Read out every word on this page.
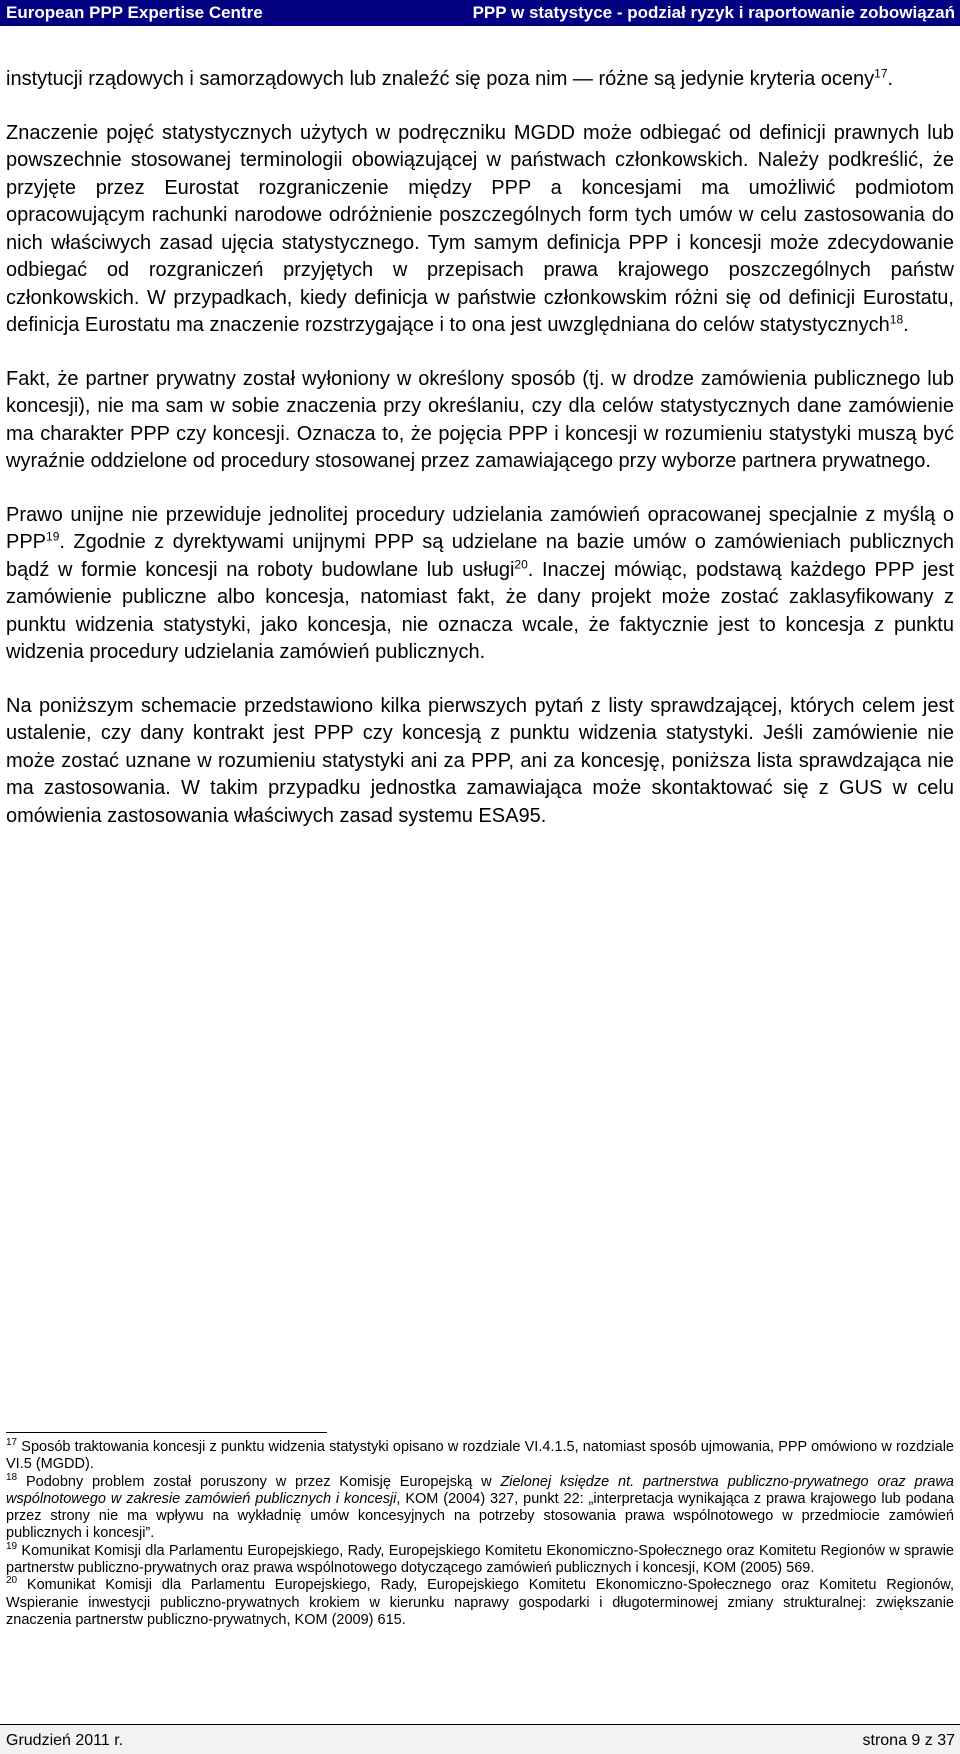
European PPP Expertise Centre	PPP w statystyce - podział ryzyk i raportowanie zobowiązań

instytucji rządowych i samorządowych lub znaleźć się poza nim — różne są jedynie kryteria oceny$^{17}$.

Znaczenie pojęć statystycznych użytych w podręczniku MGDD może odbiegać od definicji prawnych lub powszechnie stosowanej terminologii obowiązującej w państwach członkowskich. Należy podkreślić, że przyjęte przez Eurostat rozgraniczenie między PPP a koncesjami ma umożliwić podmiotom opracowującym rachunki narodowe odróżnienie poszczególnych form tych umów w celu zastosowania do nich właściwych zasad ujęcia statystycznego. Tym samym definicja PPP i koncesji może zdecydowanie odbiegać od rozgraniczeń przyjętych w przepisach prawa krajowego poszczególnych państw członkowskich. W przypadkach, kiedy definicja w państwie członkowskim różni się od definicji Eurostatu, definicja Eurostatu ma znaczenie rozstrzygające i to ona jest uwzględniana do celów statystycznych$^{18}$.

Fakt, że partner prywatny został wyłoniony w określony sposób (tj. w drodze zamówienia publicznego lub koncesji), nie ma sam w sobie znaczenia przy określaniu, czy dla celów statystycznych dane zamówienie ma charakter PPP czy koncesji. Oznacza to, że pojęcia PPP i koncesji w rozumieniu statystyki muszą być wyraźnie oddzielone od procedury stosowanej przez zamawiającego przy wyborze partnera prywatnego.

Prawo unijne nie przewiduje jednolitej procedury udzielania zamówień opracowanej specjalnie z myślą o PPP$^{19}$. Zgodnie z dyrektywami unijnymi PPP są udzielane na bazie umów o zamówieniach publicznych bądź w formie koncesji na roboty budowlane lub usługi$^{20}$. Inaczej mówiąc, podstawą każdego PPP jest zamówienie publiczne albo koncesja, natomiast fakt, że dany projekt może zostać zaklasyfikowany z punktu widzenia statystyki, jako koncesja, nie oznacza wcale, że faktycznie jest to koncesja z punktu widzenia procedury udzielania zamówień publicznych.

Na poniższym schemacie przedstawiono kilka pierwszych pytań z listy sprawdzającej, których celem jest ustalenie, czy dany kontrakt jest PPP czy koncesją z punktu widzenia statystyki. Jeśli zamówienie nie może zostać uznane w rozumieniu statystyki ani za PPP, ani za koncesję, poniższa lista sprawdzająca nie ma zastosowania. W takim przypadku jednostka zamawiająca może skontaktować się z GUS w celu omówienia zastosowania właściwych zasad systemu ESA95.

$^{17}$ Sposób traktowania koncesji z punktu widzenia statystyki opisano w rozdziale VI.4.1.5, natomiast sposób ujmowania, PPP omówiono w rozdziale VI.5 (MGDD).

$^{18}$ Podobny problem został poruszony w przez Komisję Europejską w Zielonej księdze nt. partnerstwa publiczno-prywatnego oraz prawa wspólnotowego w zakresie zamówień publicznych i koncesji, KOM (2004) 327, punkt 22: „interpretacja wynikająca z prawa krajowego lub podana przez strony nie ma wpływu na wykładnię umów koncesyjnych na potrzeby stosowania prawa wspólnotowego w przedmiocie zamówień publicznych i koncesji”.

$^{19}$ Komunikat Komisji dla Parlamentu Europejskiego, Rady, Europejskiego Komitetu Ekonomiczno-Społecznego oraz Komitetu Regionów w sprawie partnerstw publiczno-prywatnych oraz prawa wspólnotowego dotyczącego zamówień publicznych i koncesji, KOM (2005) 569.

$^{20}$ Komunikat Komisji dla Parlamentu Europejskiego, Rady, Europejskiego Komitetu Ekonomiczno-Społecznego oraz Komitetu Regionów, Wspieranie inwestycji publiczno-prywatnych krokiem w kierunku naprawy gospodarki i długoterminowej zmiany strukturalnej: zwiększanie znaczenia partnerstw publiczno-prywatnych, KOM (2009) 615.

Grudzień 2011 r.	strona 9 z 37
